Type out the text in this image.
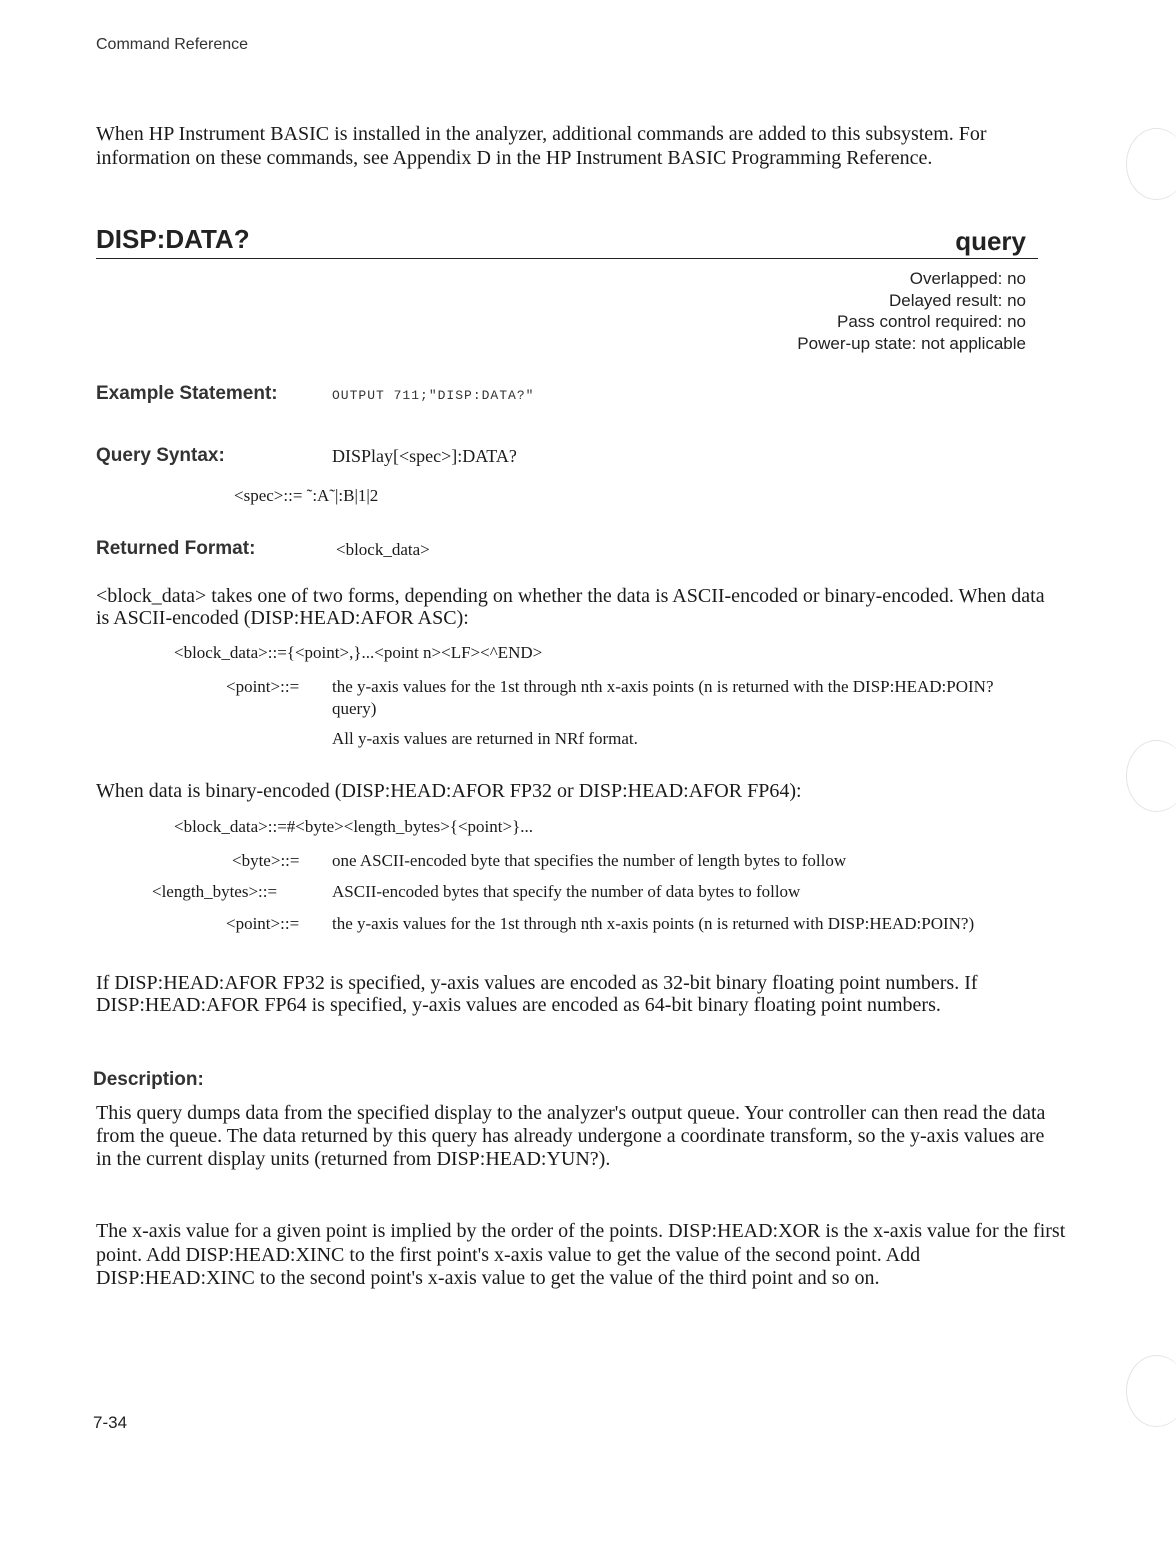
Command Reference
When HP Instrument BASIC is installed in the analyzer, additional commands are added to this subsystem. For information on these commands, see Appendix D in the HP Instrument BASIC Programming Reference.
DISP:DATA?	query
Overlapped: no
Delayed result: no
Pass control required: no
Power-up state: not applicable
Example Statement:	OUTPUT 711;"DISP:DATA?"
Query Syntax:	DISPlay[<spec>]:DATA?
<spec>::= ˜:A˜|:B|1|2
Returned Format:	<block_data>
<block_data> takes one of two forms, depending on whether the data is ASCII-encoded or binary-encoded. When data is ASCII-encoded (DISP:HEAD:AFOR ASC):
<block_data>::={<point>,}...<point n><LF><^END>
<point>::= the y-axis values for the 1st through nth x-axis points (n is returned with the DISP:HEAD:POIN? query)
All y-axis values are returned in NRf format.
When data is binary-encoded (DISP:HEAD:AFOR FP32 or DISP:HEAD:AFOR FP64):
<block_data>::=#<byte><length_bytes>{<point>}...
<byte>::= one ASCII-encoded byte that specifies the number of length bytes to follow
<length_bytes>::=	ASCII-encoded bytes that specify the number of data bytes to follow
<point>::= the y-axis values for the 1st through nth x-axis points (n is returned with DISP:HEAD:POIN?)
If DISP:HEAD:AFOR FP32 is specified, y-axis values are encoded as 32-bit binary floating point numbers. If DISP:HEAD:AFOR FP64 is specified, y-axis values are encoded as 64-bit binary floating point numbers.
Description:
This query dumps data from the specified display to the analyzer's output queue. Your controller can then read the data from the queue. The data returned by this query has already undergone a coordinate transform, so the y-axis values are in the current display units (returned from DISP:HEAD:YUN?).
The x-axis value for a given point is implied by the order of the points. DISP:HEAD:XOR is the x-axis value for the first point. Add DISP:HEAD:XINC to the first point's x-axis value to get the value of the second point. Add DISP:HEAD:XINC to the second point's x-axis value to get the value of the third point and so on.
7-34
